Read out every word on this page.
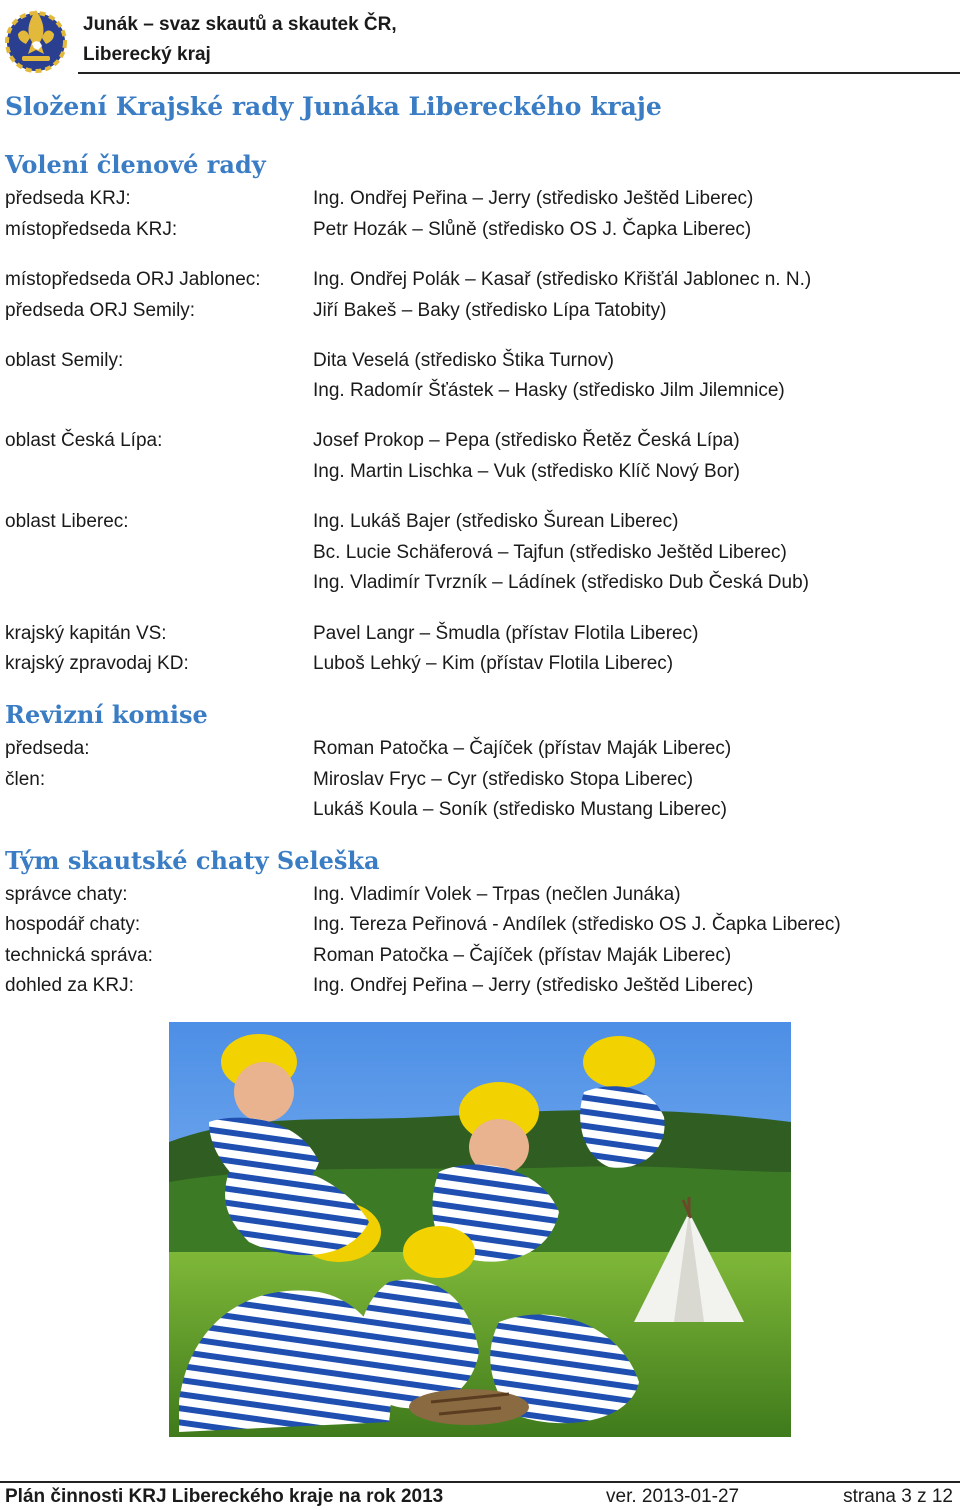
Junák – svaz skautů a skautek ČR,
Liberecký kraj
Složení Krajské rady Junáka Libereckého kraje
Volení členové rady
předseda KRJ:	Ing. Ondřej Peřina – Jerry (středisko Ještěd Liberec)
místopředseda KRJ:	Petr Hozák – Slůně (středisko OS J. Čapka Liberec)
místopředseda ORJ Jablonec:	Ing. Ondřej Polák – Kasař (středisko Křišťál Jablonec n. N.)
předseda ORJ Semily:	Jiří Bakeš – Baky (středisko Lípa Tatobity)
oblast Semily:	Dita Veselá (středisko Štika Turnov)
Ing. Radomír Šťástek – Hasky (středisko Jilm Jilemnice)
oblast Česká Lípa:	Josef Prokop – Pepa (středisko Řetěz Česká Lípa)
Ing. Martin Lischka – Vuk (středisko Klíč Nový Bor)
oblast Liberec:	Ing. Lukáš Bajer (středisko Šurean Liberec)
Bc. Lucie Schäferová – Tajfun (středisko Ještěd Liberec)
Ing. Vladimír Tvrzník – Ládínek (středisko Dub Česká Dub)
krajský kapitán VS:	Pavel Langr – Šmudla (přístav Flotila Liberec)
krajský zpravodaj KD:	Luboš Lehký – Kim (přístav Flotila Liberec)
Revizní komise
předseda:	Roman Patočka – Čajíček (přístav Maják Liberec)
člen:	Miroslav Fryc – Cyr (středisko Stopa Liberec)
Lukáš Koula – Soník (středisko Mustang Liberec)
Tým skautské chaty Seleška
správce chaty:	Ing. Vladimír Volek – Trpas (nečlen Junáka)
hospodář chaty:	Ing. Tereza Peřinová - Andílek (středisko OS J. Čapka Liberec)
technická správa:	Roman Patočka – Čajíček (přístav Maják Liberec)
dohled za KRJ:	Ing. Ondřej Peřina – Jerry (středisko Ještěd Liberec)
Plán činnosti KRJ Libereckého kraje na rok 2013	ver. 2013-01-27	strana 3 z 12
